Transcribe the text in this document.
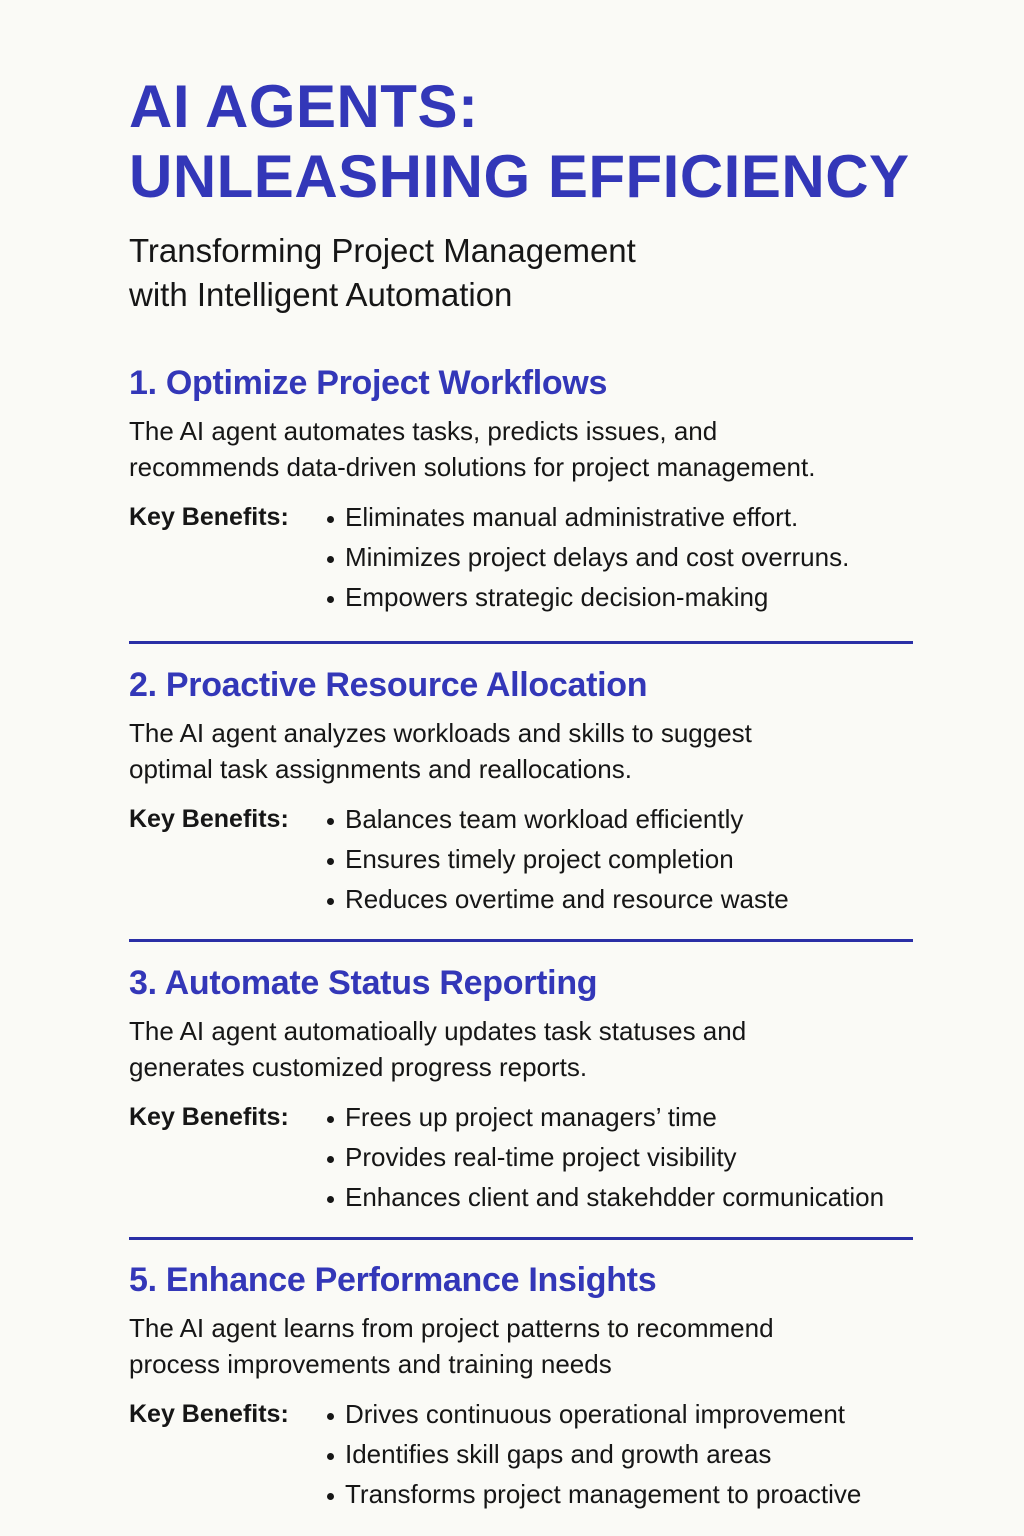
AI AGENTS:
UNLEASHING EFFICIENCY

Transforming Project Management
with Intelligent Automation

1. Optimize Project Workflows

The AI agent automates tasks, predicts issues, and
recommends data-driven solutions for project management.

Key Benefits:	Eliminates manual administrative effort.
Minimizes project delays and cost overruns.
Empowers strategic decision-making
2. Proactive Resource Allocation

The AI agent analyzes workloads and skills to suggest
optimal task assignments and reallocations.

Key Benefits:	Balances team workload efficiently
Ensures timely project completion
Reduces overtime and resource waste
3. Automate Status Reporting

The AI agent automatioally updates task statuses and
generates customized progress reports.

Key Benefits:	Frees up project managers’ time
Provides real-time project visibility
Enhances client and stakehdder cormunication
5. Enhance Performance Insights

The AI agent learns from project patterns to recommend
process improvements and training needs

Key Benefits:	Drives continuous operational improvement
Identifies skill gaps and growth areas
Transforms project management to proactive
